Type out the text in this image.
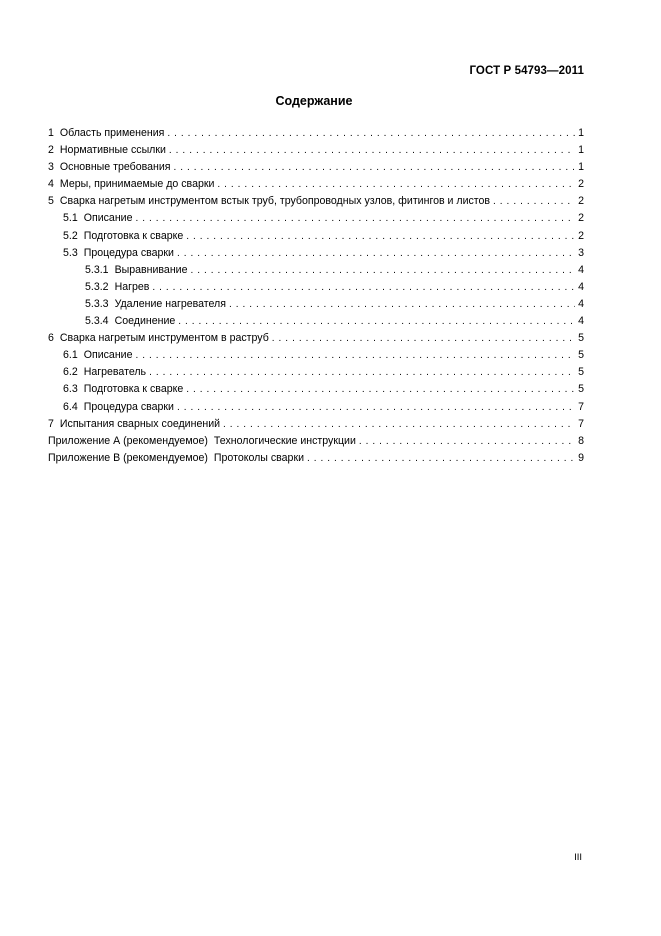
ГОСТ Р 54793—2011
Содержание
1 Область применения . . .	1
2 Нормативные ссылки . . .	1
3 Основные требования . . .	1
4 Меры, принимаемые до сварки . . .	2
5 Сварка нагретым инструментом встык труб, трубопроводных узлов, фитингов и листов . . .	2
5.1 Описание . . .	2
5.2 Подготовка к сварке . . .	2
5.3 Процедура сварки . . .	3
5.3.1 Выравнивание . . .	4
5.3.2 Нагрев . . .	4
5.3.3 Удаление нагревателя . . .	4
5.3.4 Соединение . . .	4
6 Сварка нагретым инструментом в раструб . . .	5
6.1 Описание . . .	5
6.2 Нагреватель . . .	5
6.3 Подготовка к сварке . . .	5
6.4 Процедура сварки . . .	7
7 Испытания сварных соединений . . .	7
Приложение А (рекомендуемое) Технологические инструкции . . .	8
Приложение В (рекомендуемое) Протоколы сварки . . .	9
III
